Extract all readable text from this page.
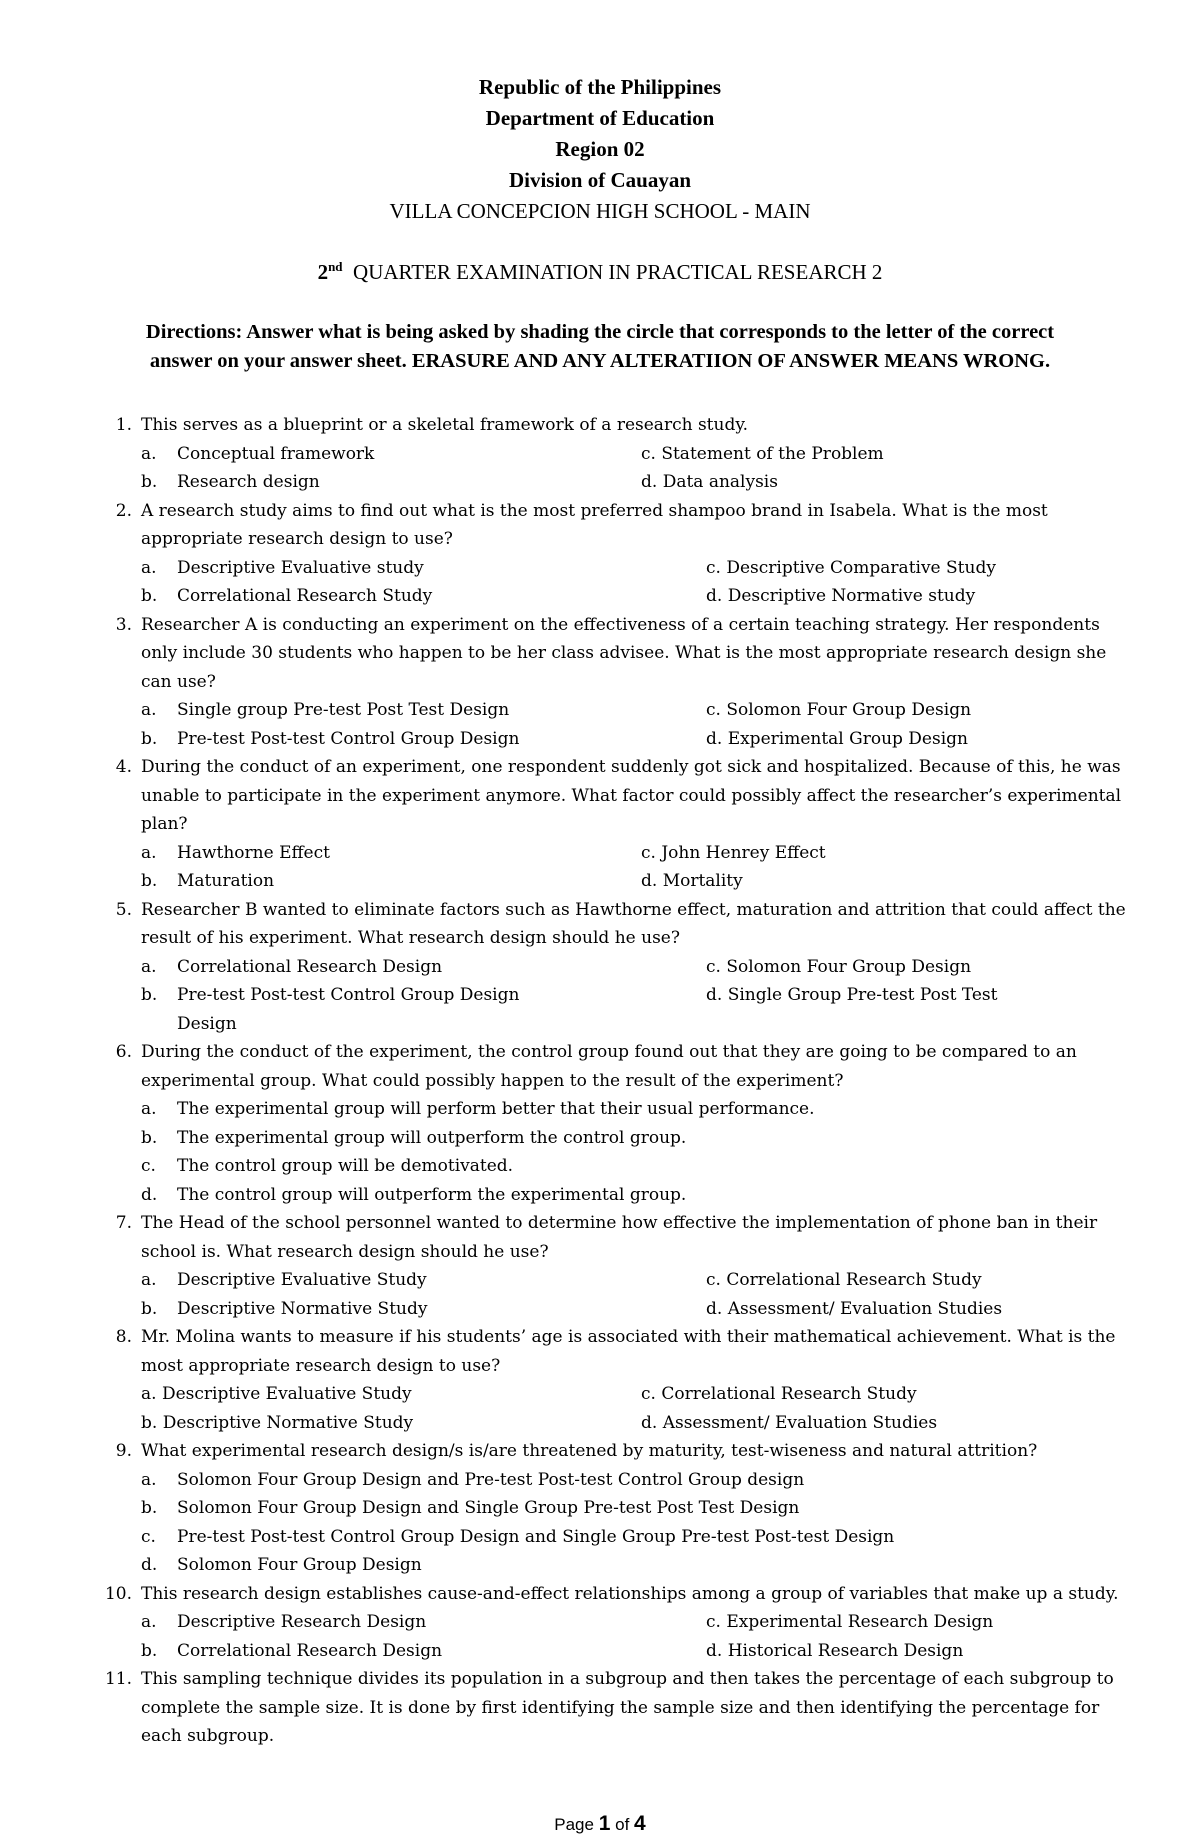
Republic of the Philippines
Department of Education
Region 02
Division of Cauayan
VILLA CONCEPCION HIGH SCHOOL - MAIN
2nd QUARTER EXAMINATION IN PRACTICAL RESEARCH 2
Directions: Answer what is being asked by shading the circle that corresponds to the letter of the correct
answer on your answer sheet. ERASURE AND ANY ALTERATIION OF ANSWER MEANS WRONG.
1. This serves as a blueprint or a skeletal framework of a research study.
a.	Conceptual framework	c. Statement of the Problem
b.	Research design	d. Data analysis
2. A research study aims to find out what is the most preferred shampoo brand in Isabela. What is the most appropriate research design to use?
a.	Descriptive Evaluative study	c. Descriptive Comparative Study
b.	Correlational Research Study	d. Descriptive Normative study
3. Researcher A is conducting an experiment on the effectiveness of a certain teaching strategy. Her respondents only include 30 students who happen to be her class advisee. What is the most appropriate research design she can use?
a.	Single group Pre-test Post Test Design	c. Solomon Four Group Design
b.	Pre-test Post-test Control Group Design	d. Experimental Group Design
4. During the conduct of an experiment, one respondent suddenly got sick and hospitalized. Because of this, he was unable to participate in the experiment anymore. What factor could possibly affect the researcher’s experimental plan?
a.	Hawthorne Effect	c. John Henrey Effect
b.	Maturation	d. Mortality
5. Researcher B wanted to eliminate factors such as Hawthorne effect, maturation and attrition that could affect the result of his experiment. What research design should he use?
a.	Correlational Research Design	c. Solomon Four Group Design
b.	Pre-test Post-test Control Group Design	d. Single Group Pre-test Post Test
Design
6. During the conduct of the experiment, the control group found out that they are going to be compared to an experimental group. What could possibly happen to the result of the experiment?
a.	The experimental group will perform better that their usual performance.
b.	The experimental group will outperform the control group.
c.	The control group will be demotivated.
d.	The control group will outperform the experimental group.
7. The Head of the school personnel wanted to determine how effective the implementation of phone ban in their school is. What research design should he use?
a.	Descriptive Evaluative Study	c. Correlational Research Study
b.	Descriptive Normative Study	d. Assessment/ Evaluation Studies
8. Mr. Molina wants to measure if his students’ age is associated with their mathematical achievement. What is the most appropriate research design to use?
a. Descriptive Evaluative Study	c. Correlational Research Study
b. Descriptive Normative Study	d. Assessment/ Evaluation Studies
9. What experimental research design/s is/are threatened by maturity, test-wiseness and natural attrition?
a.	Solomon Four Group Design and Pre-test Post-test Control Group design
b.	Solomon Four Group Design and Single Group Pre-test Post Test Design
c.	Pre-test Post-test Control Group Design and Single Group Pre-test Post-test Design
d.	Solomon Four Group Design
10. This research design establishes cause-and-effect relationships among a group of variables that make up a study.
a.	Descriptive Research Design	c. Experimental Research Design
b.	Correlational Research Design	d. Historical Research Design
11. This sampling technique divides its population in a subgroup and then takes the percentage of each subgroup to complete the sample size. It is done by first identifying the sample size and then identifying the percentage for each subgroup.
Page 1 of 4
